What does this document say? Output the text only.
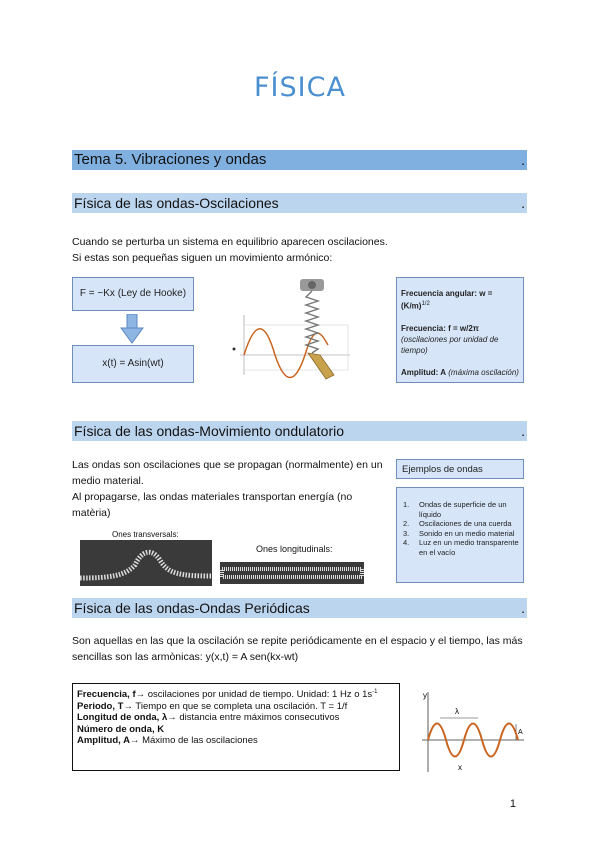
FÍSICA
Tema 5. Vibraciones y ondas	.
Física de las ondas-Oscilaciones	.
Cuando se perturba un sistema en equilibrio aparecen oscilaciones.
Si estas son pequeñas siguen un movimiento armónico:
F = −Kx (Ley de Hooke)
x(t) = Asin(wt)
Frecuencia angular: $w = (K/m)^{1/2}$
Frecuencia: f = w/2π (oscilaciones por unidad de tiempo)
Amplitud: A (máxima oscilación)
Física de las ondas-Movimiento ondulatorio	.
Las ondas son oscilaciones que se propagan (normalmente) en un medio material.
Al propagarse, las ondas materiales transportan energía (no matèria)
Ones transversals:
Ones longitudinals:
Ejemplos de ondas
1.	Ondas de superficie de un líquido
2.	Oscilaciones de una cuerda
3.	Sonido en un medio material
4.	Luz en un medio transparente en el vacío
Física de las ondas-Ondas Periódicas	.
Son aquellas en las que la oscilación se repite periódicamente en el espacio y el tiempo, las más sencillas son las armònicas: y(x,t) = A sen(kx-wt)
Frecuencia, f→ oscilaciones por unidad de tiempo. Unidad: 1 Hz o $1s^{-1}$
Periodo, T→ Tiempo en que se completa una oscilación. T = 1/f
Longitud de onda, λ→ distancia entre máximos consecutivos
Número de onda, K
Amplitud, A→ Máximo de las oscilaciones
y
x
λ
A
1
